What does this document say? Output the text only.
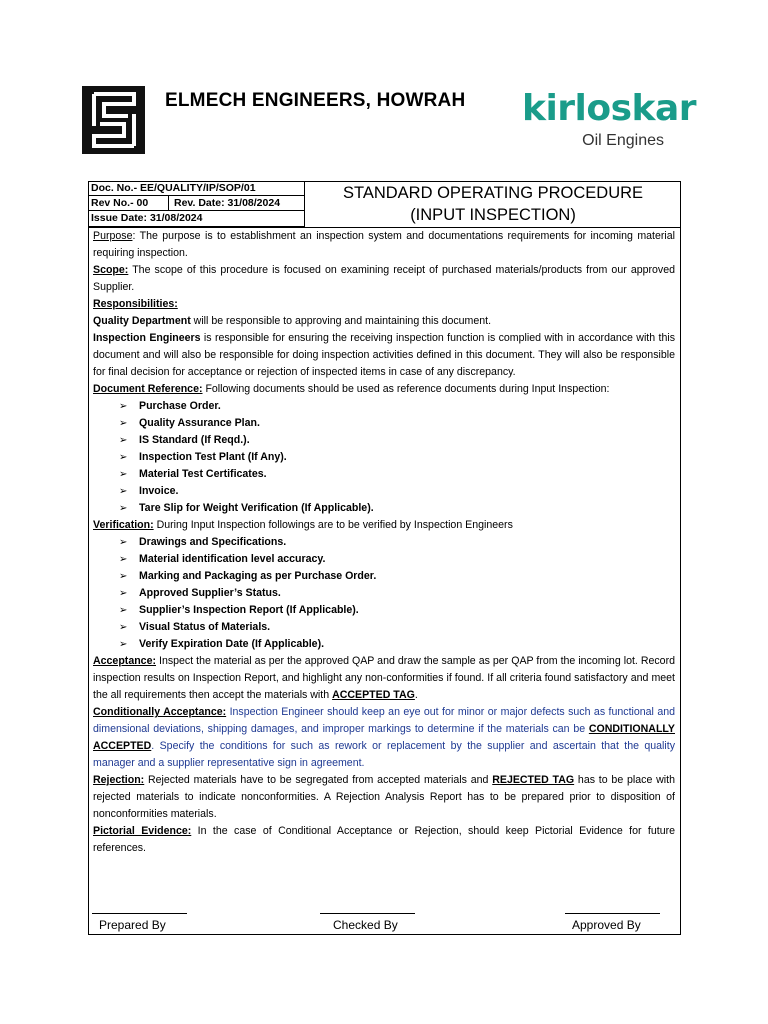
ELMECH ENGINEERS, HOWRAH kirloskar
Oil Engines
Doc. No.- EE/QUALITY/IP/SOP/01
Rev No.- 00	Rev. Date: 31/08/2024
Issue Date: 31/08/2024
STANDARD OPERATING PROCEDURE
(INPUT INSPECTION)

Purpose: The purpose is to establishment an inspection system and documentations requirements for incoming material requiring inspection.

Scope: The scope of this procedure is focused on examining receipt of purchased materials/products from our approved Supplier.

Responsibilities:

Quality Department will be responsible to approving and maintaining this document.

Inspection Engineers is responsible for ensuring the receiving inspection function is complied with in accordance with this document and will also be responsible for doing inspection activities defined in this document. They will also be responsible for final decision for acceptance or rejection of inspected items in case of any discrepancy.

Document Reference: Following documents should be used as reference documents during Input Inspection:

➢ Purchase Order.
➢ Quality Assurance Plan.
➢ IS Standard (If Reqd.).
➢ Inspection Test Plant (If Any).
➢ Material Test Certificates.
➢ Invoice.
➢ Tare Slip for Weight Verification (If Applicable).

Verification: During Input Inspection followings are to be verified by Inspection Engineers

➢ Drawings and Specifications.
➢ Material identification level accuracy.
➢ Marking and Packaging as per Purchase Order.
➢ Approved Supplier’s Status.
➢ Supplier’s Inspection Report (If Applicable).
➢ Visual Status of Materials.
➢ Verify Expiration Date (If Applicable).

Acceptance: Inspect the material as per the approved QAP and draw the sample as per QAP from the incoming lot. Record inspection results on Inspection Report, and highlight any non-conformities if found. If all criteria found satisfactory and meet the all requirements then accept the materials with ACCEPTED TAG.

Conditionally Acceptance: Inspection Engineer should keep an eye out for minor or major defects such as functional and dimensional deviations, shipping damages, and improper markings to determine if the materials can be CONDITIONALLY ACCEPTED. Specify the conditions for such as rework or replacement by the supplier and ascertain that the quality manager and a supplier representative sign in agreement.

Rejection: Rejected materials have to be segregated from accepted materials and REJECTED TAG has to be place with rejected materials to indicate nonconformities. A Rejection Analysis Report has to be prepared prior to disposition of nonconformities materials.

Pictorial Evidence: In the case of Conditional Acceptance or Rejection, should keep Pictorial Evidence for future references.

Prepared By	Checked By	Approved By
